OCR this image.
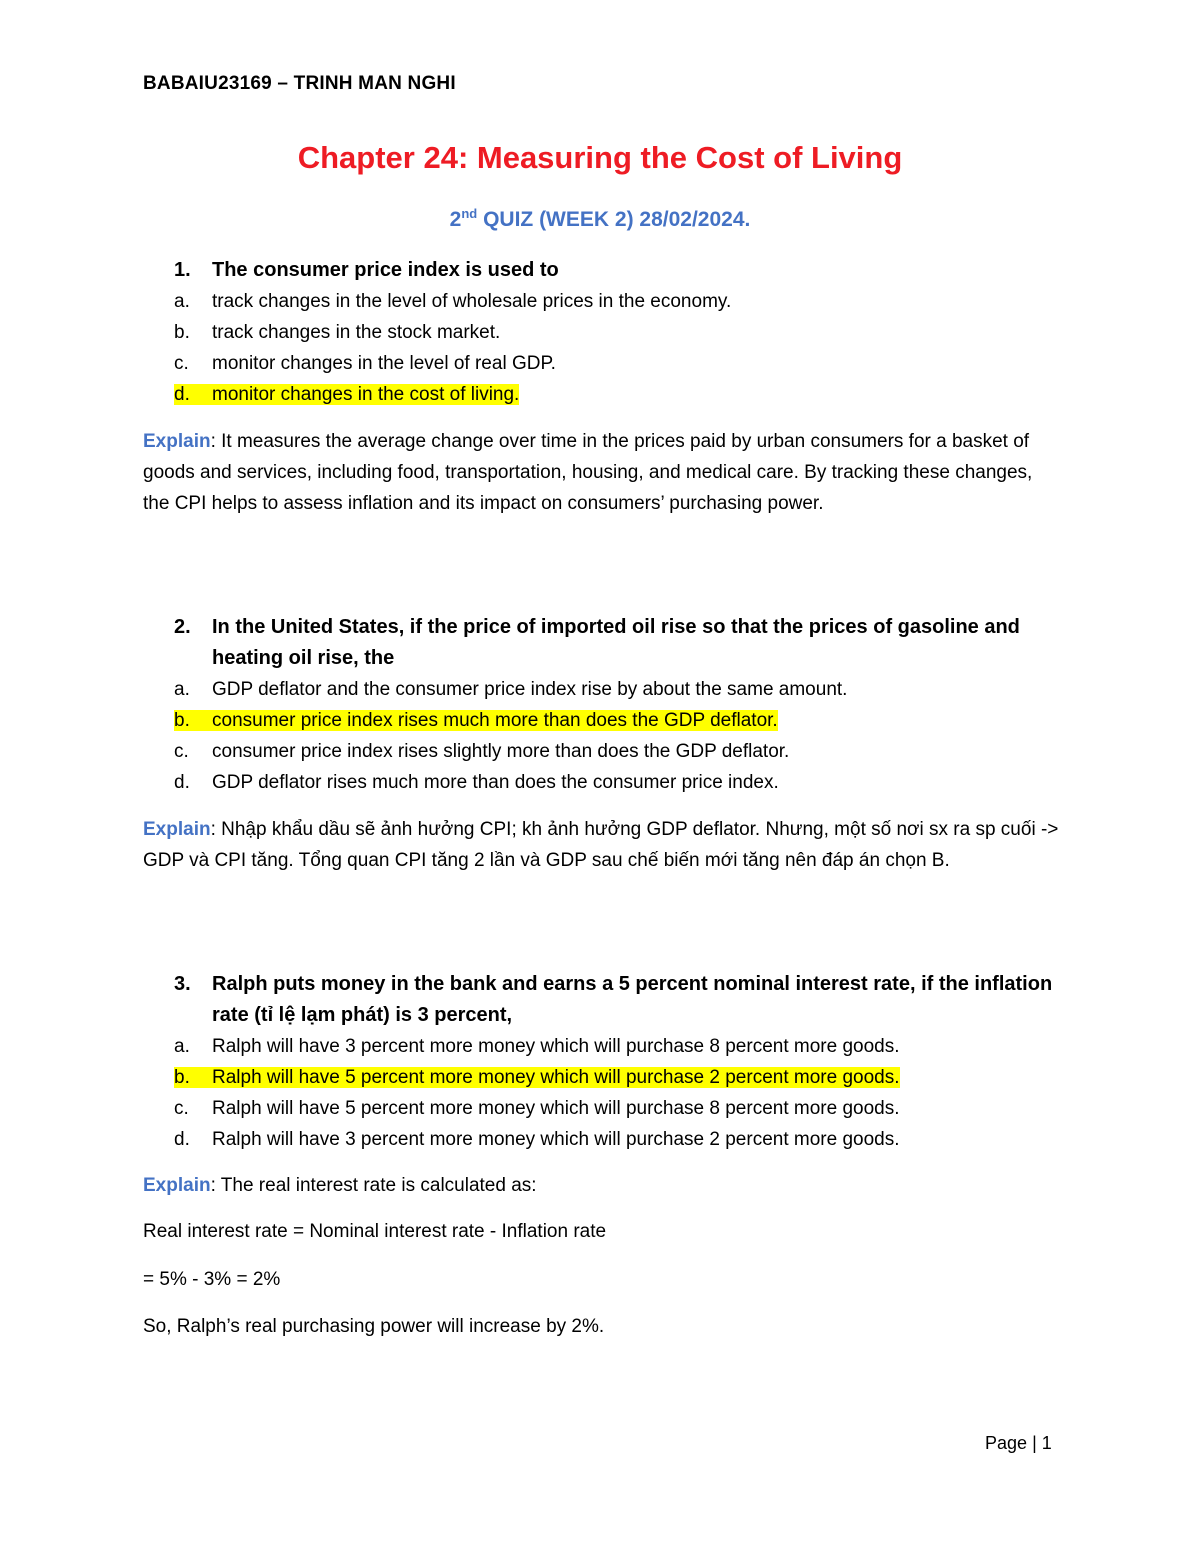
BABAIU23169 – TRINH MAN NGHI
Chapter 24: Measuring the Cost of Living
2nd QUIZ (WEEK 2) 28/02/2024.
1. The consumer price index is used to
a. track changes in the level of wholesale prices in the economy.
b. track changes in the stock market.
c. monitor changes in the level of real GDP.
d. monitor changes in the cost of living.
Explain: It measures the average change over time in the prices paid by urban consumers for a basket of goods and services, including food, transportation, housing, and medical care. By tracking these changes, the CPI helps to assess inflation and its impact on consumers’ purchasing power.
2. In the United States, if the price of imported oil rise so that the prices of gasoline and heating oil rise, the
a. GDP deflator and the consumer price index rise by about the same amount.
b. consumer price index rises much more than does the GDP deflator.
c. consumer price index rises slightly more than does the GDP deflator.
d. GDP deflator rises much more than does the consumer price index.
Explain: Nhập khẩu dầu sẽ ảnh hưởng CPI; kh ảnh hưởng GDP deflator. Nhưng, một số nơi sx ra sp cuối -> GDP và CPI tăng. Tổng quan CPI tăng 2 lần và GDP sau chế biến mới tăng nên đáp án chọn B.
3. Ralph puts money in the bank and earns a 5 percent nominal interest rate, if the inflation rate (tỉ lệ lạm phát) is 3 percent,
a. Ralph will have 3 percent more money which will purchase 8 percent more goods.
b. Ralph will have 5 percent more money which will purchase 2 percent more goods.
c. Ralph will have 5 percent more money which will purchase 8 percent more goods.
d. Ralph will have 3 percent more money which will purchase 2 percent more goods.
Explain: The real interest rate is calculated as:
Real interest rate = Nominal interest rate - Inflation rate
= 5% - 3% = 2%
So, Ralph’s real purchasing power will increase by 2%.
Page | 1
